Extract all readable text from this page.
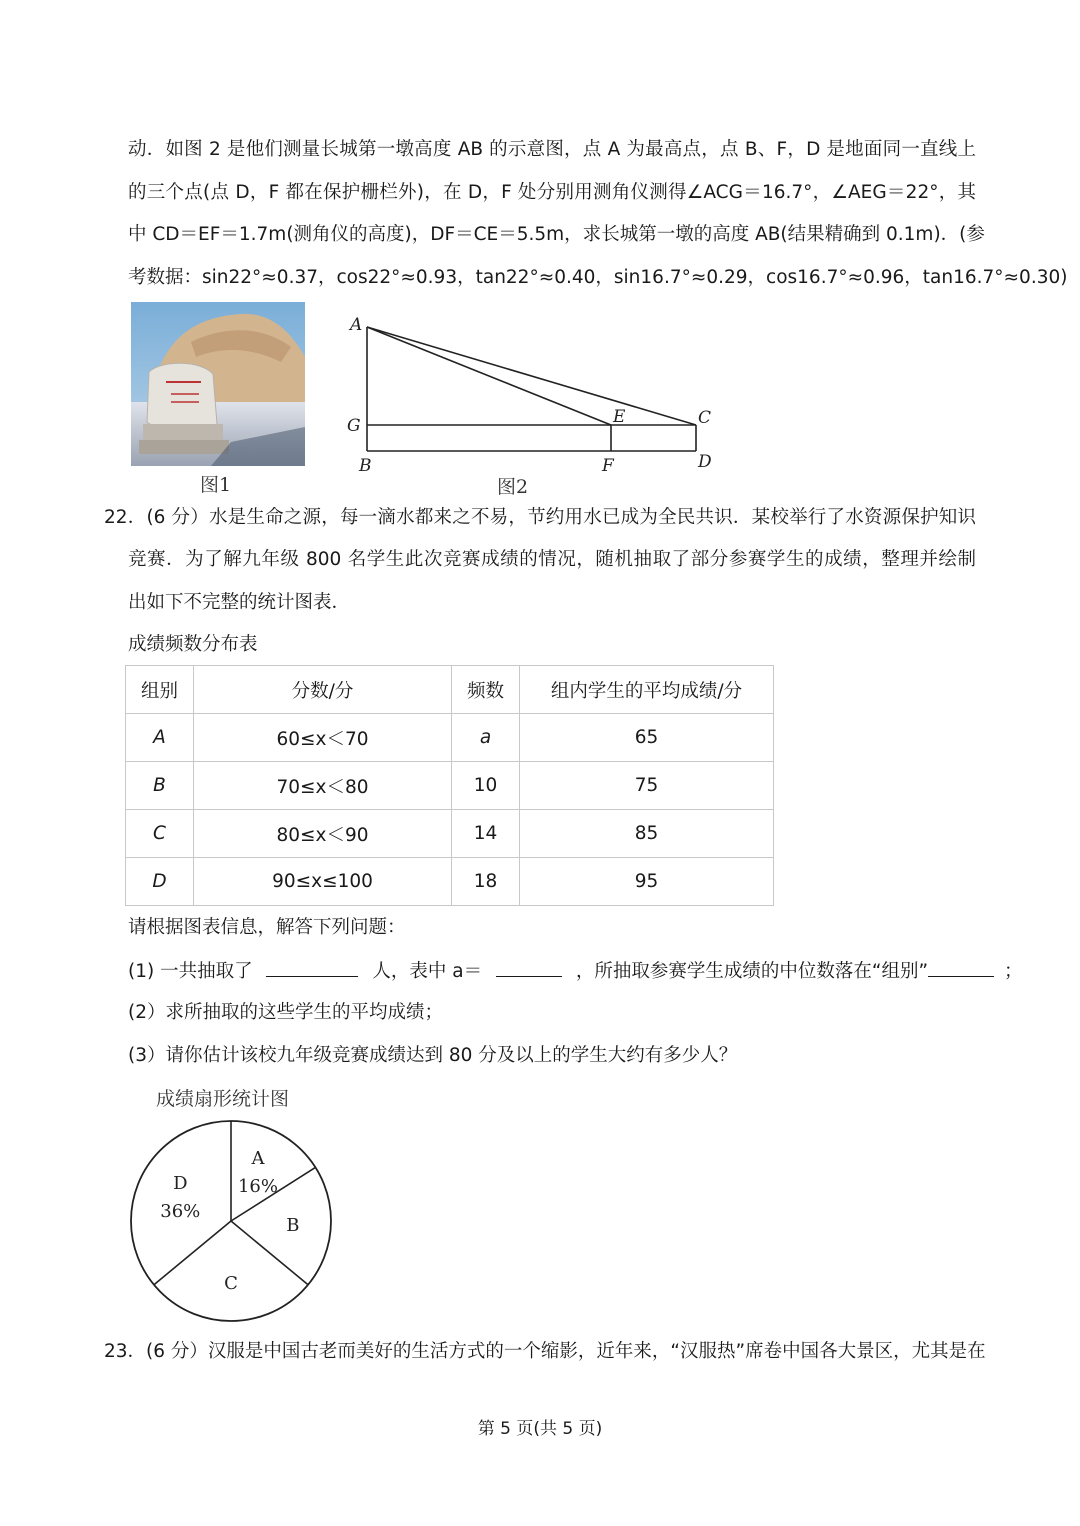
动．如图 2 是他们测量长城第一墩高度 AB 的示意图，点 A 为最高点，点 B、F，D 是地面同一直线上
的三个点(点 D，F 都在保护栅栏外)，在 D，F 处分别用测角仪测得∠ACG＝16.7°，∠AEG＝22°，其
中 CD＝EF＝1.7m(测角仪的高度)，DF＝CE＝5.5m，求长城第一墩的高度 AB(结果精确到 0.1m)．(参
考数据：sin22°≈0.37，cos22°≈0.93，tan22°≈0.40，sin16.7°≈0.29，cos16.7°≈0.96，tan16.7°≈0.30)
图1
A
G
B
E
F
C
D
图2
22．(6 分）水是生命之源，每一滴水都来之不易，节约用水已成为全民共识．某校举行了水资源保护知识
竞赛．为了解九年级 800 名学生此次竞赛成绩的情况，随机抽取了部分参赛学生的成绩，整理并绘制
出如下不完整的统计图表．
成绩频数分布表
组别	分数/分	频数	组内学生的平均成绩/分
A	60≤x＜70	a	65
B	70≤x＜80	10	75
C	80≤x＜90	14	85
D	90≤x≤100	18	95
请根据图表信息，解答下列问题：
(1) 一共抽取了	人，表中 a＝	，所抽取参赛学生成绩的中位数落在“组别”	；
(2）求所抽取的这些学生的平均成绩；
(3）请你估计该校九年级竞赛成绩达到 80 分及以上的学生大约有多少人？
成绩扇形统计图
A
16%
B
C
D
36%
23．(6 分）汉服是中国古老而美好的生活方式的一个缩影，近年来，“汉服热”席卷中国各大景区，尤其是在
第 5 页(共 5 页)
